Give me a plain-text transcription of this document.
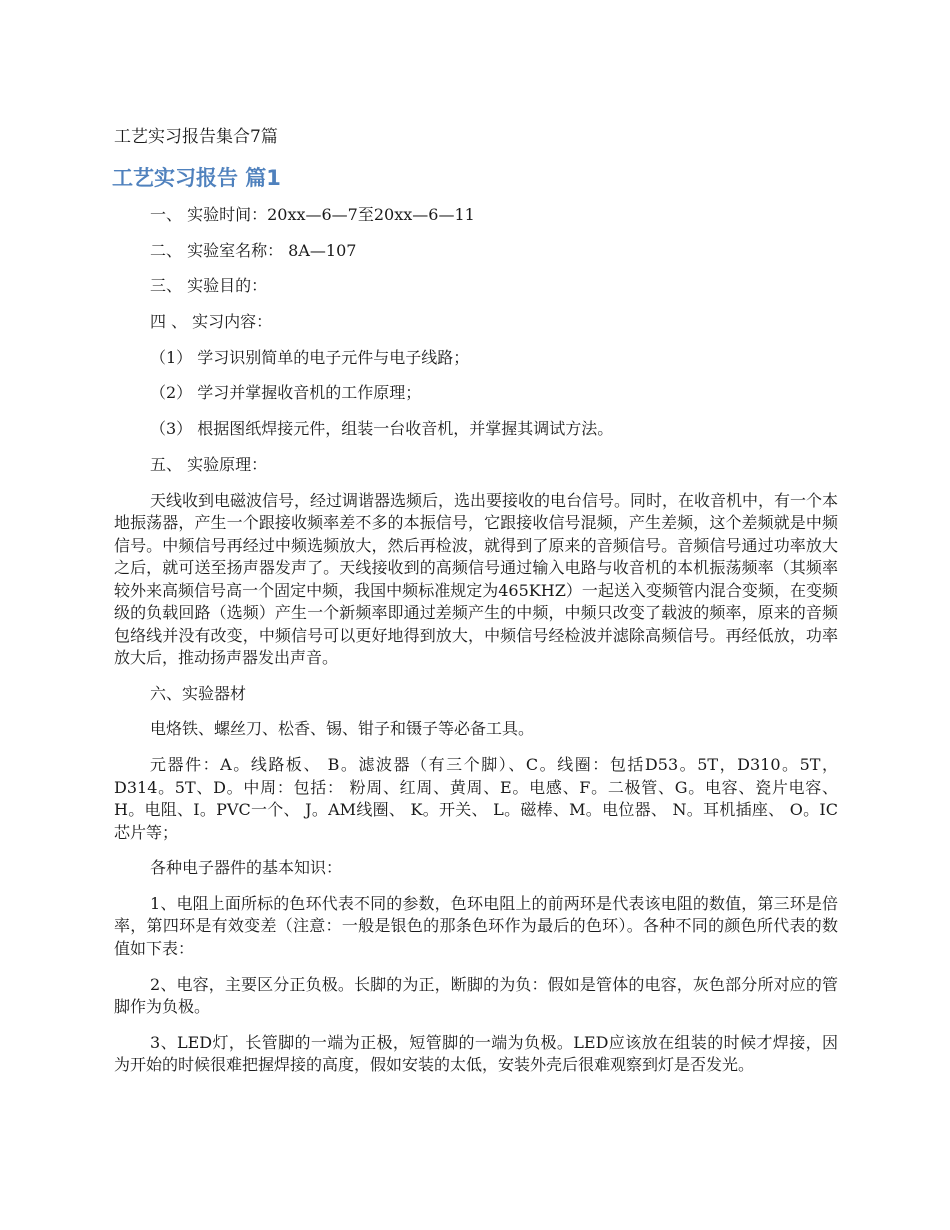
工艺实习报告集合7篇

工艺实习报告 篇1

一、 实验时间：20xx—6—7至20xx—6—11

二、 实验室名称： 8A—107

三、 实验目的：

四 、 实习内容：

（1） 学习识别简单的电子元件与电子线路；

（2） 学习并掌握收音机的工作原理；

（3） 根据图纸焊接元件，组装一台收音机，并掌握其调试方法。

五、 实验原理：

天线收到电磁波信号，经过调谐器选频后，选出要接收的电台信号。同时，在收音机中，有一个本地振荡器，产生一个跟接收频率差不多的本振信号，它跟接收信号混频，产生差频，这个差频就是中频信号。中频信号再经过中频选频放大，然后再检波，就得到了原来的音频信号。音频信号通过功率放大之后，就可送至扬声器发声了。天线接收到的高频信号通过输入电路与收音机的本机振荡频率（其频率较外来高频信号高一个固定中频，我国中频标准规定为465KHZ）一起送入变频管内混合变频，在变频级的负载回路（选频）产生一个新频率即通过差频产生的中频，中频只改变了载波的频率，原来的音频包络线并没有改变，中频信号可以更好地得到放大，中频信号经检波并滤除高频信号。再经低放，功率放大后，推动扬声器发出声音。

六、实验器材

电烙铁、螺丝刀、松香、锡、钳子和镊子等必备工具。

元器件：A。线路板、 B。滤波器（有三个脚）、C。线圈：包括D53。5T，D310。5T，D314。5T、D。中周：包括： 粉周、红周、黄周、E。电感、F。二极管、G。电容、瓷片电容、 H。电阻、I。PVC一个、 J。AM线圈、 K。开关、 L。磁棒、M。电位器、 N。耳机插座、 O。IC芯片等；

各种电子器件的基本知识：

1、电阻上面所标的色环代表不同的参数，色环电阻上的前两环是代表该电阻的数值，第三环是倍率，第四环是有效变差（注意：一般是银色的那条色环作为最后的色环）。各种不同的颜色所代表的数值如下表：

2、电容，主要区分正负极。长脚的为正，断脚的为负：假如是管体的电容，灰色部分所对应的管脚作为负极。

3、LED灯，长管脚的一端为正极，短管脚的一端为负极。LED应该放在组装的时候才焊接，因为开始的时候很难把握焊接的高度，假如安装的太低，安装外壳后很难观察到灯是否发光。
